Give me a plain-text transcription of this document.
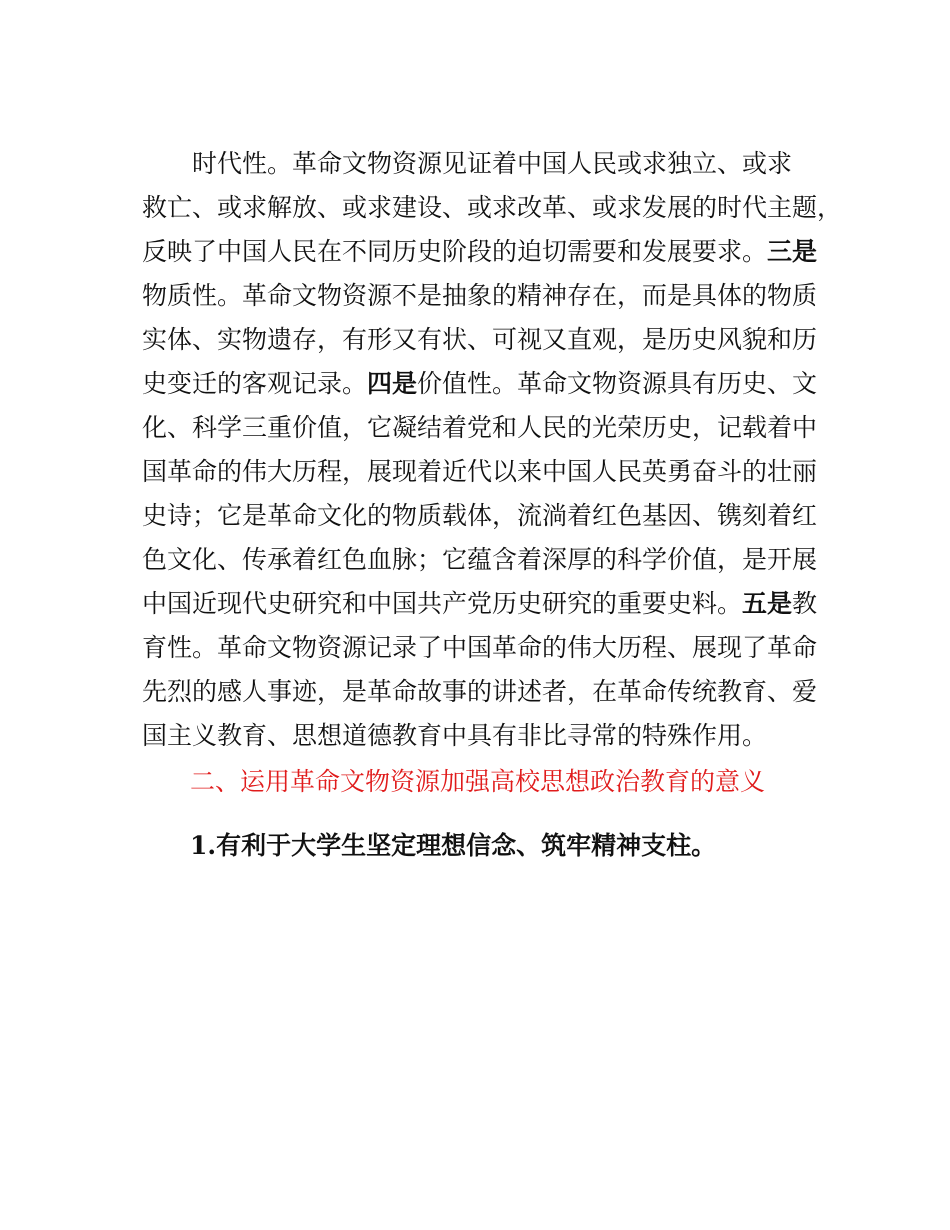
时代性。革命文物资源见证着中国人民或求独立、或求
救亡、或求解放、或求建设、或求改革、或求发展的时代主题，
反映了中国人民在不同历史阶段的迫切需要和发展要求。三是
物质性。革命文物资源不是抽象的精神存在，而是具体的物质
实体、实物遗存，有形又有状、可视又直观，是历史风貌和历
史变迁的客观记录。四是价值性。革命文物资源具有历史、文
化、科学三重价值，它凝结着党和人民的光荣历史，记载着中
国革命的伟大历程，展现着近代以来中国人民英勇奋斗的壮丽
史诗；它是革命文化的物质载体，流淌着红色基因、镌刻着红
色文化、传承着红色血脉；它蕴含着深厚的科学价值，是开展
中国近现代史研究和中国共产党历史研究的重要史料。五是教
育性。革命文物资源记录了中国革命的伟大历程、展现了革命
先烈的感人事迹，是革命故事的讲述者，在革命传统教育、爱
国主义教育、思想道德教育中具有非比寻常的特殊作用。
二、运用革命文物资源加强高校思想政治教育的意义
1.有利于大学生坚定理想信念、筑牢精神支柱。
